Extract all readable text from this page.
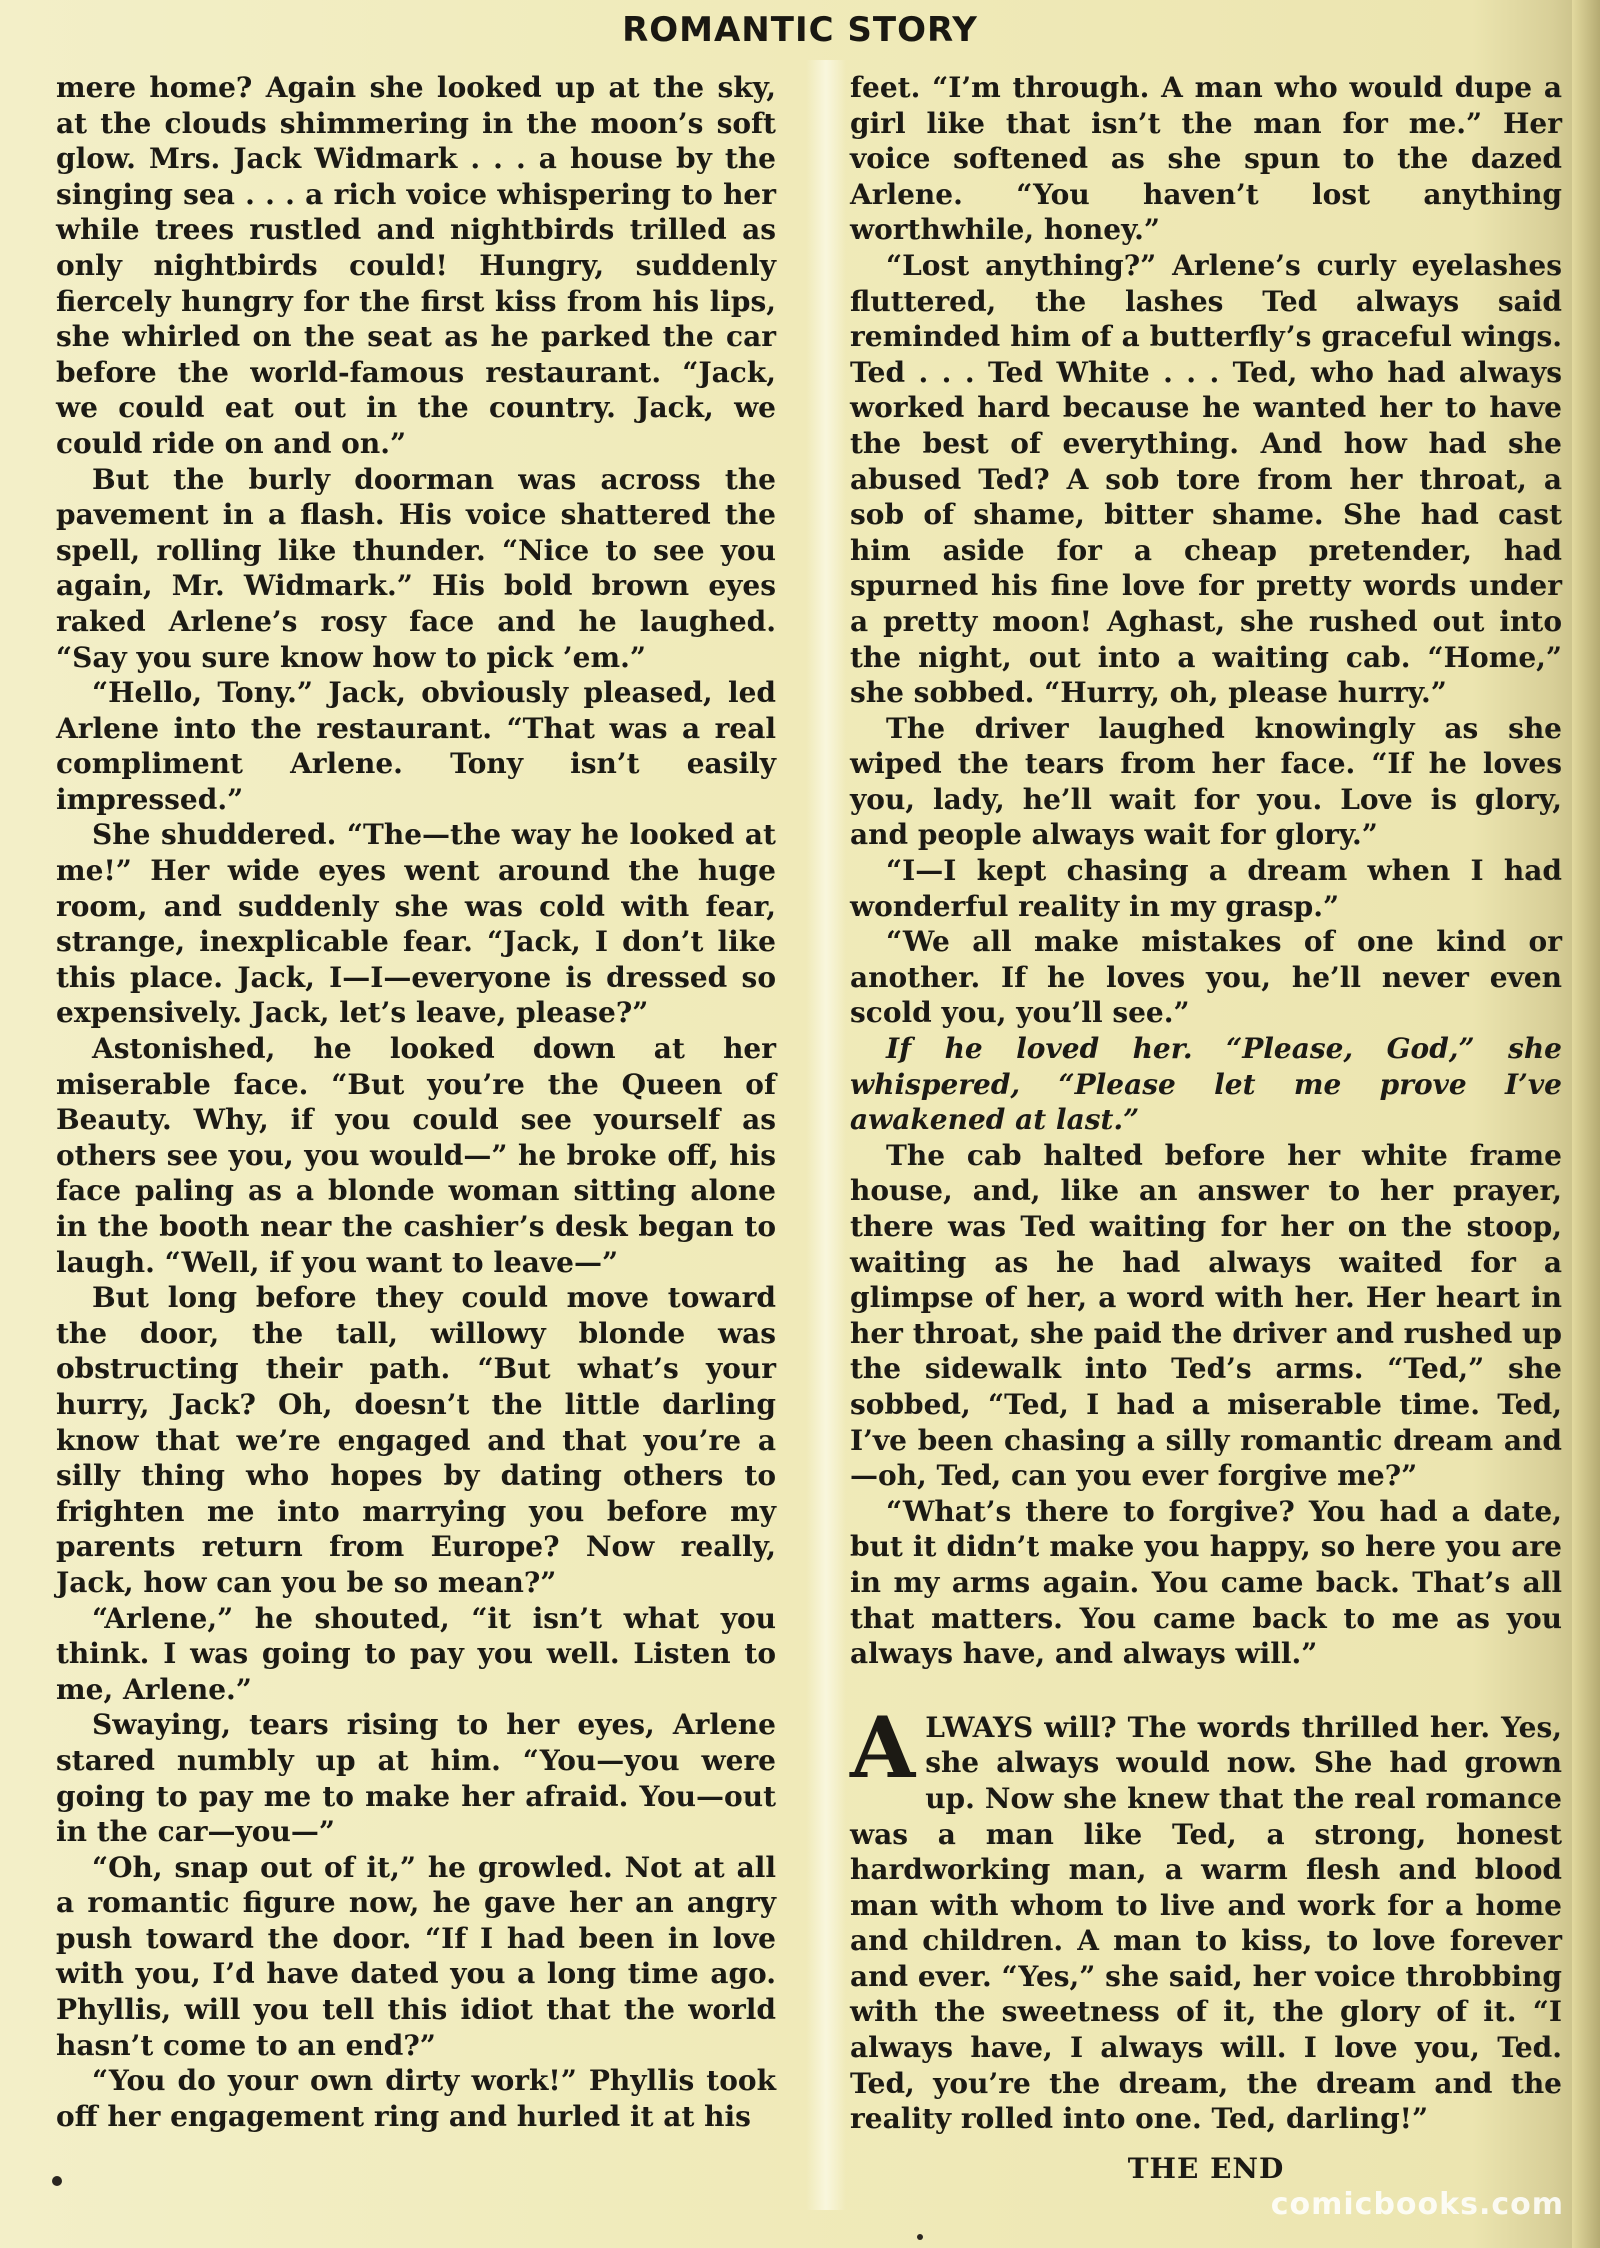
ROMANTIC STORY

mere home? Again she looked up at the sky, at the clouds shimmering in the moon’s soft glow. Mrs. Jack Widmark . . . a house by the singing sea . . . a rich voice whispering to her while trees rustled and nightbirds trilled as only nightbirds could! Hungry, suddenly fiercely hungry for the first kiss from his lips, she whirled on the seat as he parked the car before the world-famous restaurant. “Jack, we could eat out in the country. Jack, we could ride on and on.”

But the burly doorman was across the pavement in a flash. His voice shattered the spell, rolling like thunder. “Nice to see you again, Mr. Widmark.” His bold brown eyes raked Arlene’s rosy face and he laughed. “Say you sure know how to pick ’em.”

“Hello, Tony.” Jack, obviously pleased, led Arlene into the restaurant. “That was a real compliment Arlene. Tony isn’t easily impressed.”

She shuddered. “The—the way he looked at me!” Her wide eyes went around the huge room, and suddenly she was cold with fear, strange, inexplicable fear. “Jack, I don’t like this place. Jack, I—I—everyone is dressed so expensively. Jack, let’s leave, please?”

Astonished, he looked down at her miserable face. “But you’re the Queen of Beauty. Why, if you could see yourself as others see you, you would—” he broke off, his face paling as a blonde woman sitting alone in the booth near the cashier’s desk began to laugh. “Well, if you want to leave—”

But long before they could move toward the door, the tall, willowy blonde was obstructing their path. “But what’s your hurry, Jack? Oh, doesn’t the little darling know that we’re engaged and that you’re a silly thing who hopes by dating others to frighten me into marrying you before my parents return from Europe? Now really, Jack, how can you be so mean?”

“Arlene,” he shouted, “it isn’t what you think. I was going to pay you well. Listen to me, Arlene.”

Swaying, tears rising to her eyes, Arlene stared numbly up at him. “You—you were going to pay me to make her afraid. You—out in the car—you—”

“Oh, snap out of it,” he growled. Not at all a romantic figure now, he gave her an angry push toward the door. “If I had been in love with you, I’d have dated you a long time ago. Phyllis, will you tell this idiot that the world hasn’t come to an end?”

“You do your own dirty work!” Phyllis took off her engagement ring and hurled it at his

feet. “I’m through. A man who would dupe a girl like that isn’t the man for me.” Her voice softened as she spun to the dazed Arlene. “You haven’t lost anything worthwhile, honey.”

“Lost anything?” Arlene’s curly eyelashes fluttered, the lashes Ted always said reminded him of a butterfly’s graceful wings. Ted . . . Ted White . . . Ted, who had always worked hard because he wanted her to have the best of everything. And how had she abused Ted? A sob tore from her throat, a sob of shame, bitter shame. She had cast him aside for a cheap pretender, had spurned his fine love for pretty words under a pretty moon! Aghast, she rushed out into the night, out into a waiting cab. “Home,” she sobbed. “Hurry, oh, please hurry.”

The driver laughed knowingly as she wiped the tears from her face. “If he loves you, lady, he’ll wait for you. Love is glory, and people always wait for glory.”

“I—I kept chasing a dream when I had wonderful reality in my grasp.”

“We all make mistakes of one kind or another. If he loves you, he’ll never even scold you, you’ll see.”

If he loved her. “Please, God,” she whispered, “Please let me prove I’ve awakened at last.”

The cab halted before her white frame house, and, like an answer to her prayer, there was Ted waiting for her on the stoop, waiting as he had always waited for a glimpse of her, a word with her. Her heart in her throat, she paid the driver and rushed up the sidewalk into Ted’s arms. “Ted,” she sobbed, “Ted, I had a miserable time. Ted, I’ve been chasing a silly romantic dream and—oh, Ted, can you ever forgive me?”

“What’s there to forgive? You had a date, but it didn’t make you happy, so here you are in my arms again. You came back. That’s all that matters. You came back to me as you always have, and always will.”

ALWAYS will? The words thrilled her. Yes, she always would now. She had grown up. Now she knew that the real romance was a man like Ted, a strong, honest hardworking man, a warm flesh and blood man with whom to live and work for a home and children. A man to kiss, to love forever and ever. “Yes,” she said, her voice throbbing with the sweetness of it, the glory of it. “I always have, I always will. I love you, Ted. Ted, you’re the dream, the dream and the reality rolled into one. Ted, darling!”

THE END
comicbooks.com
